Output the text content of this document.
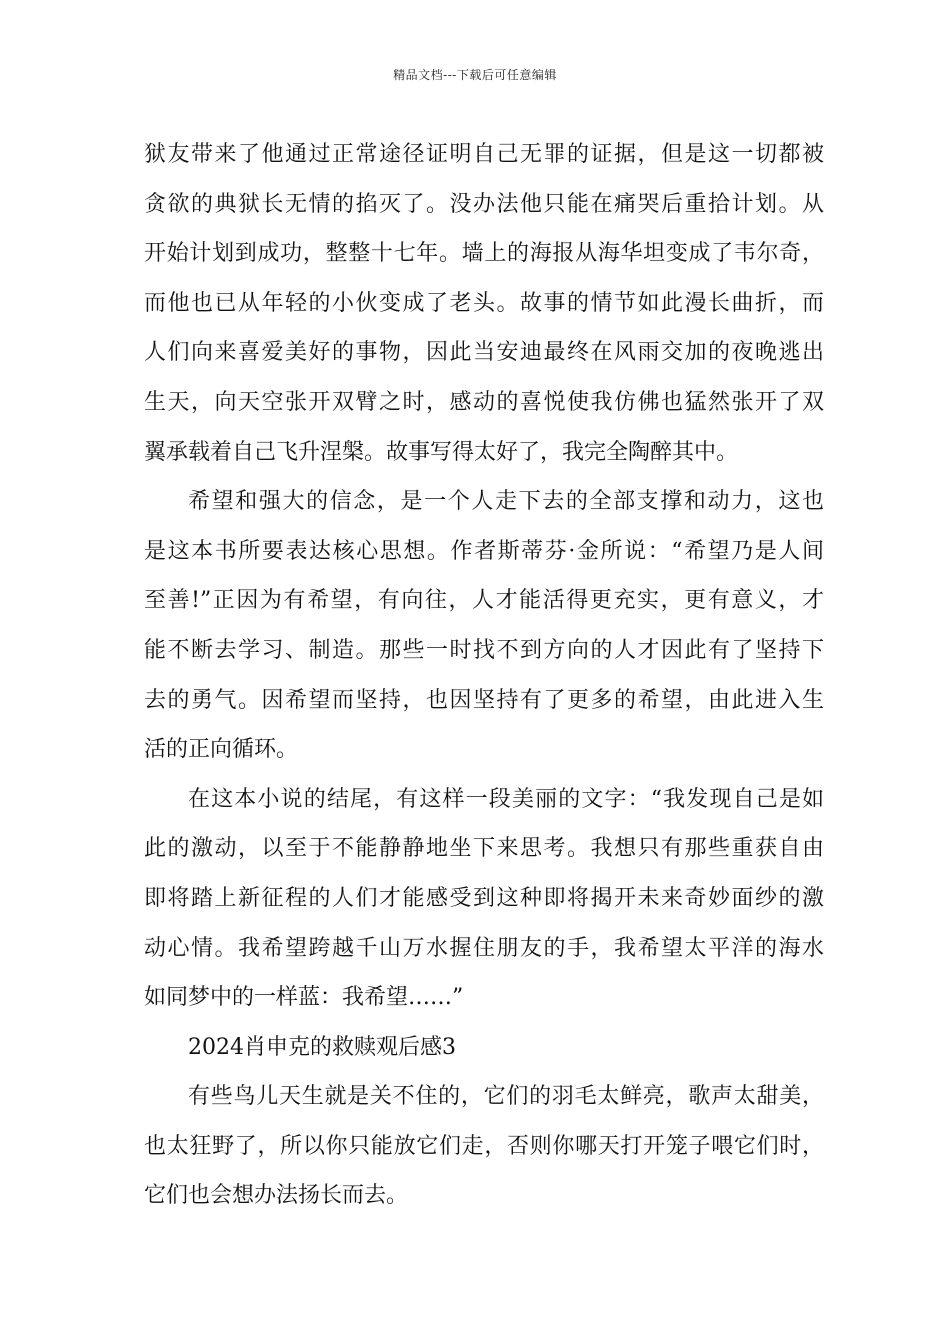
精品文档---下载后可任意编辑
狱友带来了他通过正常途径证明自己无罪的证据，但是这一切都被
贪欲的典狱长无情的掐灭了。没办法他只能在痛哭后重拾计划。从
开始计划到成功，整整十七年。墙上的海报从海华坦变成了韦尔奇，
而他也已从年轻的小伙变成了老头。故事的情节如此漫长曲折，而
人们向来喜爱美好的事物，因此当安迪最终在风雨交加的夜晚逃出
生天，向天空张开双臂之时，感动的喜悦使我仿佛也猛然张开了双
翼承载着自己飞升涅槃。故事写得太好了，我完全陶醉其中。
希望和强大的信念，是一个人走下去的全部支撑和动力，这也
是这本书所要表达核心思想。作者斯蒂芬·金所说：“希望乃是人间
至善!”正因为有希望，有向往，人才能活得更充实，更有意义，才
能不断去学习、制造。那些一时找不到方向的人才因此有了坚持下
去的勇气。因希望而坚持，也因坚持有了更多的希望，由此进入生
活的正向循环。
在这本小说的结尾，有这样一段美丽的文字：“我发现自己是如
此的激动，以至于不能静静地坐下来思考。我想只有那些重获自由
即将踏上新征程的人们才能感受到这种即将揭开未来奇妙面纱的激
动心情。我希望跨越千山万水握住朋友的手，我希望太平洋的海水
如同梦中的一样蓝：我希望……”
2024肖申克的救赎观后感3
有些鸟儿天生就是关不住的，它们的羽毛太鲜亮，歌声太甜美，
也太狂野了，所以你只能放它们走，否则你哪天打开笼子喂它们时，
它们也会想办法扬长而去。
